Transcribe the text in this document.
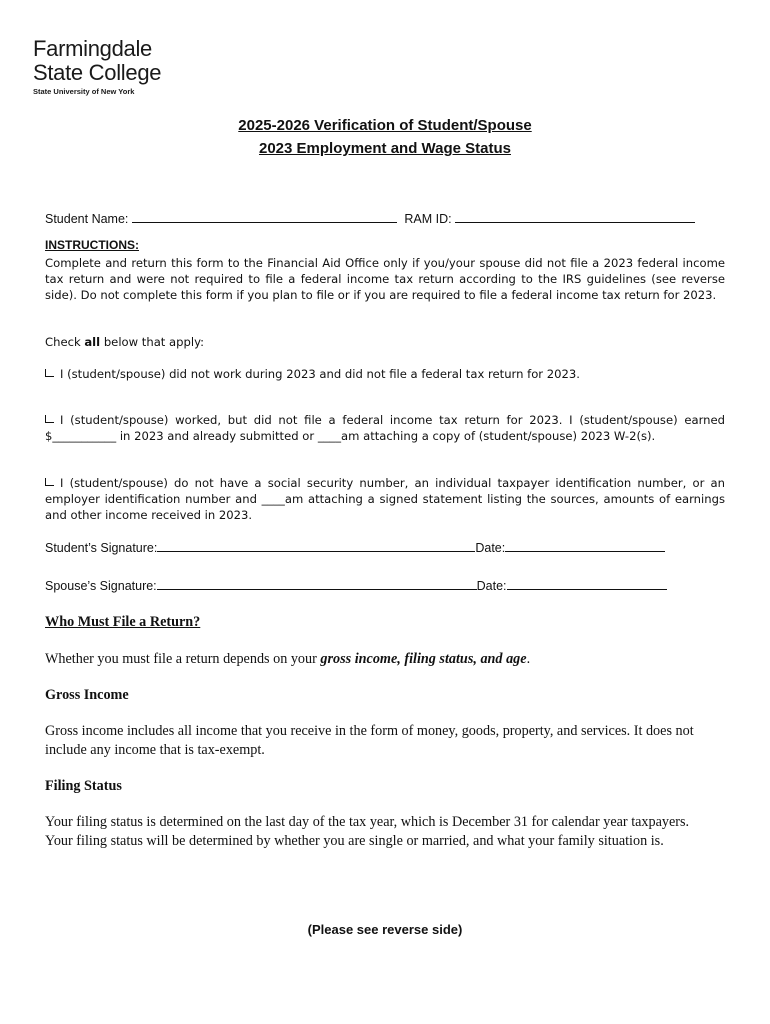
Farmingdale
State College
State University of New York
2025-2026 Verification of Student/Spouse
2023 Employment and Wage Status
Student Name:	RAM ID:
INSTRUCTIONS:
Complete and return this form to the Financial Aid Office only if you/your spouse did not file a 2023 federal income tax return and were not required to file a federal income tax return according to the IRS guidelines (see reverse side). Do not complete this form if you plan to file or if you are required to file a federal income tax return for 2023.
Check all below that apply:
I (student/spouse) did not work during 2023 and did not file a federal tax return for 2023.
I (student/spouse) worked, but did not file a federal income tax return for 2023. I (student/spouse) earned $___________ in 2023 and already submitted or ____am attaching a copy of (student/spouse) 2023 W-2(s).
I (student/spouse) do not have a social security number, an individual taxpayer identification number, or an employer identification number and ____am attaching a signed statement listing the sources, amounts of earnings and other income received in 2023.
Student’s Signature:	Date:
Spouse’s Signature:	Date:
Who Must File a Return?
Whether you must file a return depends on your gross income, filing status, and age.
Gross Income
Gross income includes all income that you receive in the form of money, goods, property, and services. It does not include any income that is tax-exempt.
Filing Status
Your filing status is determined on the last day of the tax year, which is December 31 for calendar year taxpayers. Your filing status will be determined by whether you are single or married, and what your family situation is.
(Please see reverse side)
